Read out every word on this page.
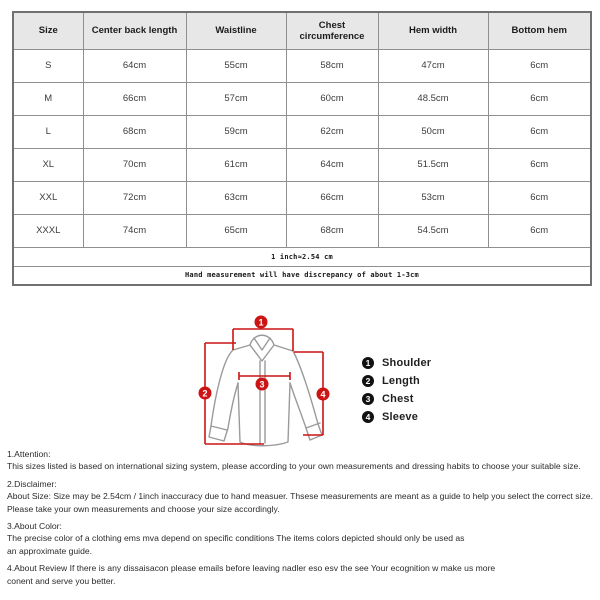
Size	Center back length	Waistline	Chest circumference	Hem width	Bottom hem
S	64cm	55cm	58cm	47cm	6cm
M	66cm	57cm	60cm	48.5cm	6cm
L	68cm	59cm	62cm	50cm	6cm
XL	70cm	61cm	64cm	51.5cm	6cm
XXL	72cm	63cm	66cm	53cm	6cm
XXXL	74cm	65cm	68cm	54.5cm	6cm
1 inch≈2.54 cm					
Hand measurement will have discrepancy of about 1-3cm					
1
2
3
4
1	Shoulder
2	Length
3	Chest
4	Sleeve
1.Attention:
This sizes listed is based on international sizing system, please according to your own measurements and dressing habits to choose your suitable size.
2.Disclaimer:
About Size: Size may be 2.54cm / 1inch inaccuracy due to hand measuer. Thsese measurements are meant as a guide to help you select the correct size.
Please take your own measurements and choose your size accordingly.
3.About Color:
The precise color of a clothing ems mva depend on specific conditions The items colors depicted should only be used as
an approximate guide.
4.About Review If there is any dissaisacon please emails before leaving nadler eso esv the see Your ecognition w make us more
conent and serve you better.
